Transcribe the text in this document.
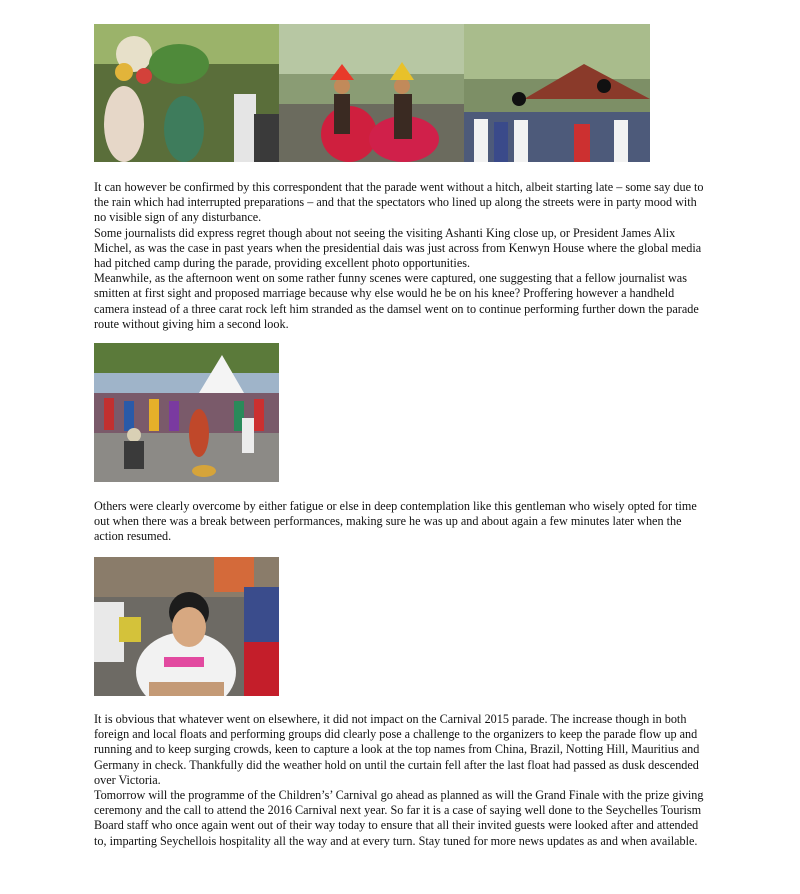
It can however be confirmed by this correspondent that the parade went without a hitch, albeit starting late – some say due to the rain which had interrupted preparations – and that the spectators who lined up along the streets were in party mood with no visible sign of any disturbance.

Some journalists did express regret though about not seeing the visiting Ashanti King close up, or President James Alix Michel, as was the case in past years when the presidential dais was just across from Kenwyn House where the global media had pitched camp during the parade, providing excellent photo opportunities.

Meanwhile, as the afternoon went on some rather funny scenes were captured, one suggesting that a fellow journalist was smitten at first sight and proposed marriage because why else would he be on his knee? Proffering however a handheld camera instead of a three carat rock left him stranded as the damsel went on to continue performing further down the parade route without giving him a second look.

Others were clearly overcome by either fatigue or else in deep contemplation like this gentleman who wisely opted for time out when there was a break between performances, making sure he was up and about again a few minutes later when the action resumed.

It is obvious that whatever went on elsewhere, it did not impact on the Carnival 2015 parade. The increase though in both foreign and local floats and performing groups did clearly pose a challenge to the organizers to keep the parade flow up and running and to keep surging crowds, keen to capture a look at the top names from China, Brazil, Notting Hill, Mauritius and Germany in check. Thankfully did the weather hold on until the curtain fell after the last float had passed as dusk descended over Victoria.

Tomorrow will the programme of the Children’s’ Carnival go ahead as planned as will the Grand Finale with the prize giving ceremony and the call to attend the 2016 Carnival next year. So far it is a case of saying well done to the Seychelles Tourism Board staff who once again went out of their way today to ensure that all their invited guests were looked after and attended to, imparting Seychellois hospitality all the way and at every turn. Stay tuned for more news updates as and when available.
